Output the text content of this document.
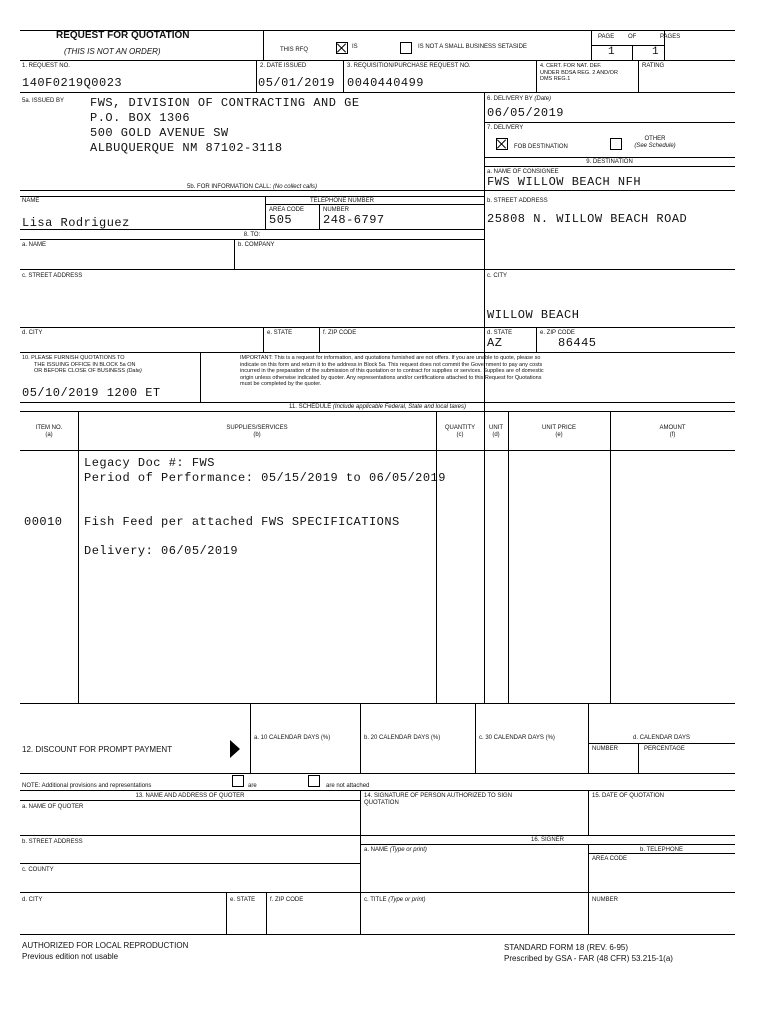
REQUEST FOR QUOTATION
(THIS IS NOT AN ORDER)	THIS RFQ	IS	IS NOT A SMALL BUSINESS SETASIDE
PAGE OF	PAGES
1	1
1. REQUEST NO.
140F0219Q0023
2. DATE ISSUED
05/01/2019
3. REQUISITION/PURCHASE REQUEST NO.
0040440499
4. CERT. FOR NAT. DEF. UNDER BDSA REG. 2 AND/OR DMS REG.1
RATING
5a. ISSUED BY FWS, DIVISION OF CONTRACTING AND GE
P.O. BOX 1306
500 GOLD AVENUE SW
ALBUQUERQUE NM 87102-3118
6. DELIVERY BY (Date)
06/05/2019
7. DELIVERY
FOB DESTINATION
OTHER
(See Schedule)
9. DESTINATION
a. NAME OF CONSIGNEE
FWS WILLOW BEACH NFH
5b. FOR INFORMATION CALL: (No collect calls)
NAME	TELEPHONE NUMBER
Lisa Rodriguez
AREA CODE
505
NUMBER
248-6797
b. STREET ADDRESS
25808 N. WILLOW BEACH ROAD
8. TO:
a. NAME	b. COMPANY
c. STREET ADDRESS	c. CITY
WILLOW BEACH
d. CITY	e. STATE	f. ZIP CODE	d. STATE
AZ
e. ZIP CODE
86445
10. PLEASE FURNISH QUOTATIONS TO
THE ISSUING OFFICE IN BLOCK 5a ON
OR BEFORE CLOSE OF BUSINESS (Date)
05/10/2019 1200 ET
IMPORTANT: This is a request for information, and quotations furnished are not offers. If you are unable to quote, please so
indicate on this form and return it to the address in Block 5a. This request does not commit the Government to pay any costs
incurred in the preparation of the submission of this quotation or to contract for supplies or services. Supplies are of domestic
origin unless otherwise indicated by quoter. Any representations and/or certifications attached to this Request for Quotations
must be completed by the quoter.
11. SCHEDULE (Include applicable Federal, State and local taxes)
ITEM NO.
(a)
SUPPLIES/SERVICES
(b)
QUANTITY
(c)
UNIT
(d)
UNIT PRICE
(e)
AMOUNT
(f)
Legacy Doc #: FWS
Period of Performance: 05/15/2019 to 06/05/2019
00010 Fish Feed per attached FWS SPECIFICATIONS
Delivery: 06/05/2019
12. DISCOUNT FOR PROMPT PAYMENT
a. 10 CALENDAR DAYS (%)	b. 20 CALENDAR DAYS (%)	c. 30 CALENDAR DAYS (%)	d. CALENDAR DAYS
NUMBER	PERCENTAGE
NOTE: Additional provisions and representations	are	are not attached
13. NAME AND ADDRESS OF QUOTER
a. NAME OF QUOTER
14. SIGNATURE OF PERSON AUTHORIZED TO SIGN QUOTATION
15. DATE OF QUOTATION
b. STREET ADDRESS	16. SIGNER
a. NAME (Type or print)	b. TELEPHONE
AREA CODE
c. COUNTY
d. CITY	e. STATE f. ZIP CODE	c. TITLE (Type or print)	NUMBER
AUTHORIZED FOR LOCAL REPRODUCTION
Previous edition not usable
STANDARD FORM 18 (REV. 6-95)
Prescribed by GSA - FAR (48 CFR) 53.215-1(a)
